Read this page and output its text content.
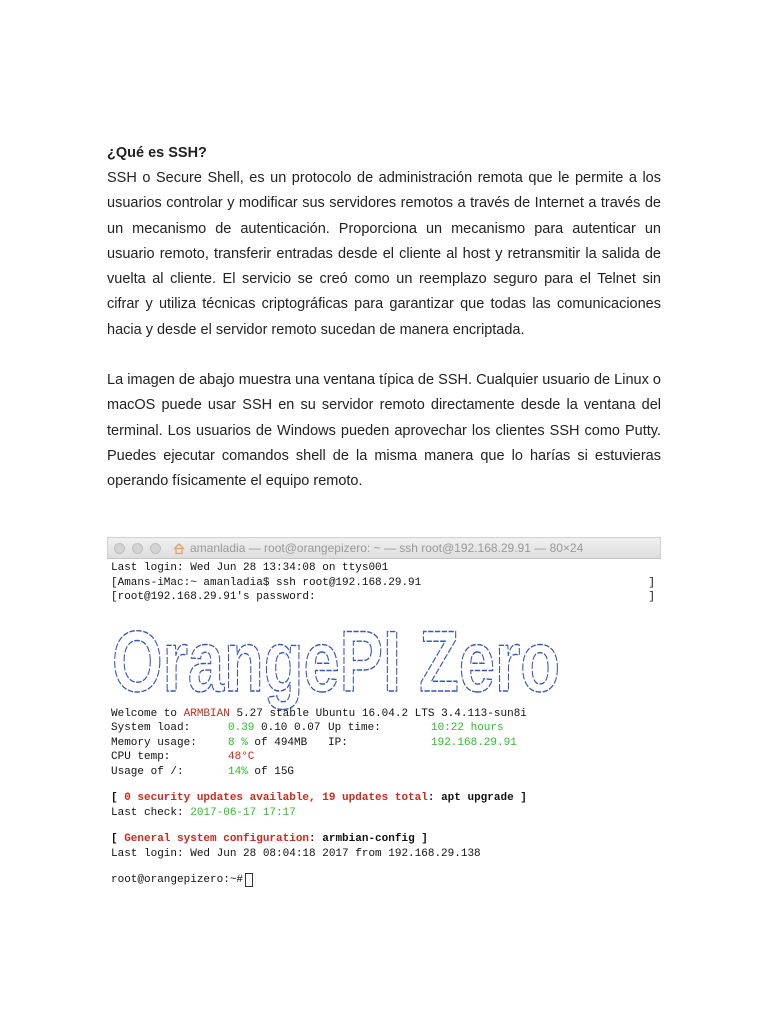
¿Qué es SSH?

SSH o Secure Shell, es un protocolo de administración remota que le permite a los usuarios controlar y modificar sus servidores remotos a través de Internet a través de un mecanismo de autenticación. Proporciona un mecanismo para autenticar un usuario remoto, transferir entradas desde el cliente al host y retransmitir la salida de vuelta al cliente. El servicio se creó como un reemplazo seguro para el Telnet sin cifrar y utiliza técnicas criptográficas para garantizar que todas las comunicaciones hacia y desde el servidor remoto sucedan de manera encriptada.

La imagen de abajo muestra una ventana típica de SSH. Cualquier usuario de Linux o macOS puede usar SSH en su servidor remoto directamente desde la ventana del terminal. Los usuarios de Windows pueden aprovechar los clientes SSH como Putty. Puedes ejecutar comandos shell de la misma manera que lo harías si estuvieras operando físicamente el equipo remoto.

amanladia — root@orangepizero: ~ — ssh root@192.168.29.91 — 80×24
Last login: Wed Jun 28 13:34:08 on ttys001
[Amans-iMac:~ amanladia$ ssh root@192.168.29.91	]
[root@192.168.29.91's password:	]
OrangePI Zero
Welcome to ARMBIAN 5.27 stable Ubuntu 16.04.2 LTS 3.4.113-sun8i
System load:	0.39 0.10 0.07 Up time:	10:22 hours
Memory usage:	8 % of 494MB	IP:	192.168.29.91
CPU temp:	48°C
Usage of /:	14% of 15G
[ 0 security updates available, 19 updates total : apt upgrade ]
Last check: 2017-06-17 17:17
[ General system configuration : armbian-config ]
Last login: Wed Jun 28 08:04:18 2017 from 192.168.29.138
root@orangepizero:~#
